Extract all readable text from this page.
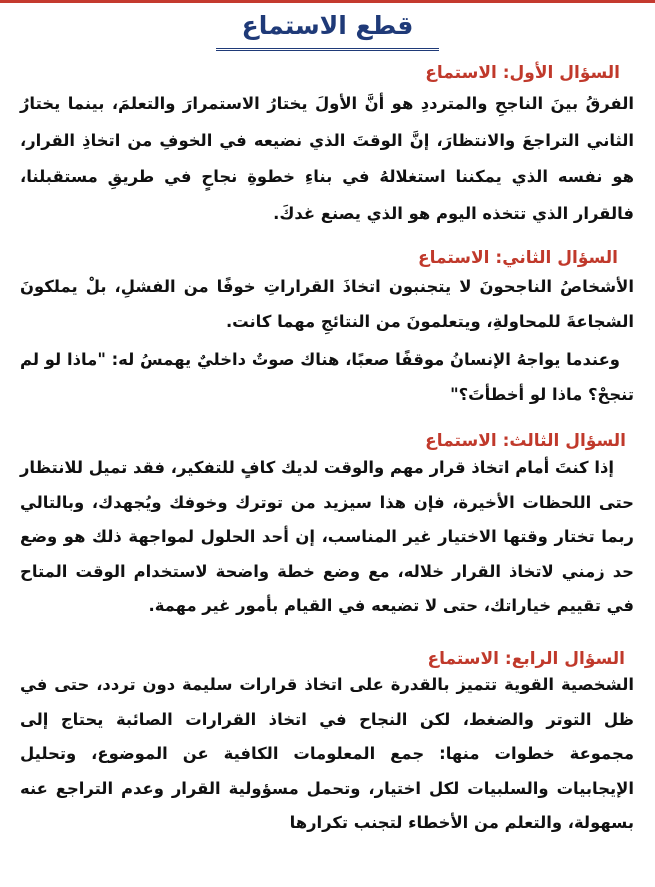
قطع الاستماع
السؤال الأول: الاستماع

الفرقُ بينَ الناجحِ والمترددِ هو أنَّ الأولَ يختارُ الاستمرارَ والتعلمَ، بينما يختارُ الثاني التراجعَ والانتظارَ، إنَّ الوقتَ الذي نضيعه في الخوفِ من اتخاذِ القرار، هو نفسه الذي يمكننا استغلالهُ في بناءِ خطوةِ نجاحٍ في طريقِ مستقبلنا، فالقرار الذي تتخذه اليوم هو الذي يصنع غدكَ.

السؤال الثاني: الاستماع

الأشخاصُ الناجحونَ لا يتجنبون اتخاذَ القراراتِ خوفًا من الفشلِ، بلْ يملكونَ الشجاعةَ للمحاولةِ، ويتعلمونَ من النتائجِ مهما كانت.

وعندما يواجهُ الإنسانُ موقفًا صعبًا، هناك صوتٌ داخليٌ يهمسُ له: "ماذا لو لم تنجحْ؟ ماذا لو أخطأتَ؟"

السؤال الثالث: الاستماع

إذا كنتَ أمام اتخاذ قرار مهم والوقت لديك كافٍ للتفكير، فقد تميل للانتظار حتى اللحظات الأخيرة، فإن هذا سيزيد من توترك وخوفك ويُجهدك، وبالتالي ربما تختار وقتها الاختيار غير المناسب، إن أحد الحلول لمواجهة ذلك هو وضع حد زمني لاتخاذ القرار خلاله، مع وضع خطة واضحة لاستخدام الوقت المتاح في تقييم خياراتك، حتى لا تضيعه في القيام بأمور غير مهمة.

السؤال الرابع: الاستماع

الشخصية القوية تتميز بالقدرة على اتخاذ قرارات سليمة دون تردد، حتى في ظل التوتر والضغط، لكن النجاح في اتخاذ القرارات الصائبة يحتاج إلى مجموعة خطوات منها: جمع المعلومات الكافية عن الموضوع، وتحليل الإيجابيات والسلبيات لكل اختيار، وتحمل مسؤولية القرار وعدم التراجع عنه بسهولة، والتعلم من الأخطاء لتجنب تكرارها
